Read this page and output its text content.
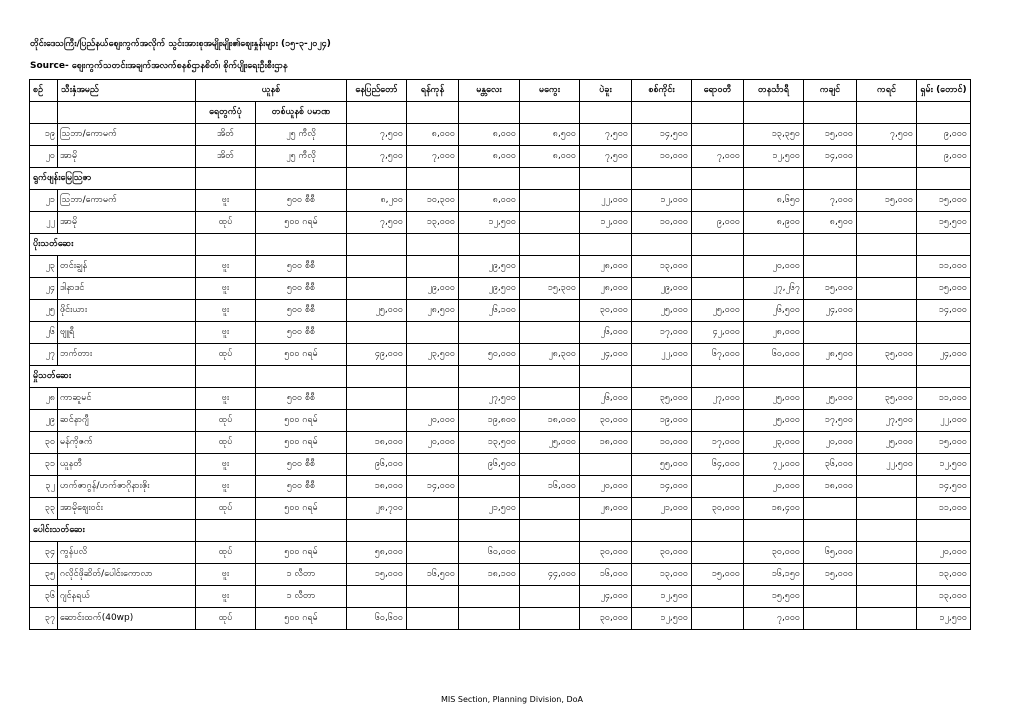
တိုင်းဒေသကြီး/ပြည်နယ်ဈေးကွက်အလိုက် သွင်းအားစုအမျိုးမျိုး၏ဈေးနှုန်းများ (၁၅-၃-၂၀၂၄)
Source- ဈေးကွက်သတင်းအချက်အလက်စနစ်ဌာနစိတ်၊ စိုက်ပျိုးရေးဦးစီးဌာန
စဉ်	သီးနှံအမည်	ယူနစ်		နေပြည်တော်	ရန်ကုန်	မန္တလေး	မကွေး	ပဲခူး	စစ်ကိုင်း	ရောဝတီ	တနင်္သာရီ	ကချင်	ကရင်	ရှမ်း (တောင်)
		ရေတွက်ပုံ	တစ်ယူနစ် ပမာဏ											
၁၉	ဩဘာ/ကောမက်	အိတ်	၂၅ ကီလို	၇,၅၀၀	၈,၀၀၀	၈,၀၀၀	၈,၅၀၀	၇,၅၀၀	၁၄,၅၀၀		၁၃,၃၅၀	၁၅,၀၀၀	၇,၅၀၀	၉,၀၀၀
၂၀	အာမို	အိတ်	၂၅ ကီလို	၇,၅၀၀	၇,၀၀၀	၈,၀၀၀	၈,၀၀၀	၇,၅၀၀	၁၀,၀၀၀	၇,၀၀၀	၁၂,၅၀၀	၁၄,၀၀၀		၉,၀၀၀
ရွက်ဖျန်းမြေဩဇာ														
၂၁	ဩဘာ/ကောမက်	ဗူး	၅၀၀ စီစီ	၈,၂၀၀	၁၀,၃၀၀	၈,၀၀၀		၂၂,၀၀၀	၁၂,၀၀၀		၈,၆၅၀	၇,၀၀၀	၁၅,၀၀၀	၁၅,၀၀၀
၂၂	အာမို	ထုပ်	၅၀၀ ဂရမ်	၇,၅၀၀	၁၃,၀၀၀	၁၂,၅၀၀		၁၂,၀၀၀	၁၀,၀၀၀	၉,၀၀၀	၈,၉၀၀	၈,၅၀၀		၁၅,၅၀၀
ပိုးသတ်ဆေး														
၂၃	တင်းချွန်	ဗူး	၅၀၀ စီစီ			၂၉,၅၀၀		၂၈,၀၀၀	၁၃,၀၀၀		၂၀,၀၀၀			၁၁,၀၀၀
၂၄	ဒါနာဒင်	ဗူး	၅၀၀ စီစီ		၂၉,၀၀၀	၂၉,၅၀၀	၁၅,၃၀၀	၂၈,၀၀၀	၂၉,၀၀၀		၂၇,၂၆၇	၁၅,၀၀၀		၁၅,၀၀၀
၂၅	ဖိုင်းယား	ဗူး	၅၀၀ စီစီ	၂၅,၀၀၀	၂၈,၅၀၀	၂၆,၁၀၀		၃၀,၀၀၀	၂၅,၀၀၀	၂၅,၀၀၀	၂၆,၅၀၀	၂၄,၀၀၀		၁၄,၀၀၀
၂၆	ဗျူရီ	ဗူး	၅၀၀ စီစီ					၂၆,၀၀၀	၁၇,၀၀၀	၄၂,၀၀၀	၂၈,၀၀၀			
၂၇	ဘက်တား	ထုပ်	၅၀၀ ဂရမ်	၄၉,၀၀၀	၂၃,၅၀၀	၅၀,၀၀၀	၂၈,၃၀၀	၂၄,၀၀၀	၂၂,၀၀၀	၆၇,၀၀၀	၆၀,၀၀၀	၂၈,၅၀၀	၃၅,၀၀၀	၂၄,၀၀၀
မှိုသတ်ဆေး														
၂၈	ကာဆူမင်	ဗူး	၅၀၀ စီစီ			၂၇,၅၀၀		၂၆,၀၀၀	၃၅,၀၀၀	၂၇,၀၀၀	၂၅,၀၀၀	၂၅,၀၀၀	၃၅,၀၀၀	၁၁,၀၀၀
၂၉	ဆင်နာဂျီ	ထုပ်	၅၀၀ ဂရမ်		၂၀,၀၀၀	၁၉,၈၀၀	၁၈,၀၀၀	၃၀,၀၀၀	၁၉,၀၀၀		၂၅,၀၀၀	၁၇,၅၀၀	၂၇,၅၀၀	၂၂,၀၀၀
၃၀	မန်ကိုဇက်	ထုပ်	၅၀၀ ဂရမ်	၁၈,၀၀၀	၂၀,၀၀၀	၁၃,၅၀၀	၂၅,၀၀၀	၁၈,၀၀၀	၁၀,၀၀၀	၁၇,၀၀၀	၂၃,၀၀၀	၂၀,၀၀၀	၂၅,၀၀၀	၁၅,၀၀၀
၃၁	ယူနတီ	ဗူး	၅၀၀ စီစီ	၉၆,၀၀၀		၉၆,၅၀၀			၅၅,၀၀၀	၆၄,၀၀၀	၇၂,၀၀၀	၃၆,၀၀၀	၂၂,၅၀၀	၁၂,၅၀၀
၃၂	ဟက်ဇာဂွန်/ဟက်ဇာဂိုနားဇိုး	ဗူး	၅၀၀ စီစီ	၁၈,၀၀၀	၁၄,၀၀၀		၁၆,၀၀၀	၂၀,၀၀၀	၁၄,၀၀၀		၂၀,၀၀၀	၁၈,၀၀၀		၁၄,၅၀၀
၃၃	အာမိုဈေးဝင်း	ထုပ်	၅၀၀ ဂရမ်	၂၈,၇၀၀		၂၁,၅၀၀		၂၈,၀၀၀	၂၁,၀၀၀	၃၀,၀၀၀	၁၈,၄၀၀			၁၁,၀၀၀
ပေါင်းသတ်ဆေး														
၃၄	ကွန်ပလိ	ထုပ်	၅၀၀ ဂရမ်	၅၈,၀၀၀		၆၀,၀၀၀		၃၀,၀၀၀	၃၀,၀၀၀		၃၀,၀၀၀	၆၅,၀၀၀		၂၀,၀၀၀
၃၅	ဂလိုင်ဖိုဆိတ်/ပေါင်းကောလာ	ဗူး	၁ လီတာ	၁၅,၀၀၀	၁၆,၅၀၀	၁၈,၁၀၀	၄၄,၀၀၀	၁၆,၀၀၀	၁၃,၀၀၀	၁၅,၀၀၀	၁၆,၁၅၀	၁၅,၀၀၀		၁၃,၀၀၀
၃၆	ဂျင်နရယ်	ဗူး	၁ လီတာ					၂၄,၀၀၀	၁၂,၅၀၀		၁၅,၅၀၀			၁၃,၀၀၀
၃၇	ဆောင်းထက်(40wp)	ထုပ်	၅၀၀ ဂရမ်	၆၀,၆၀၀				၃၀,၀၀၀	၁၂,၅၀၀		၇,၀၀၀			၁၂,၅၀၀
MIS Section, Planning Division, DoA
